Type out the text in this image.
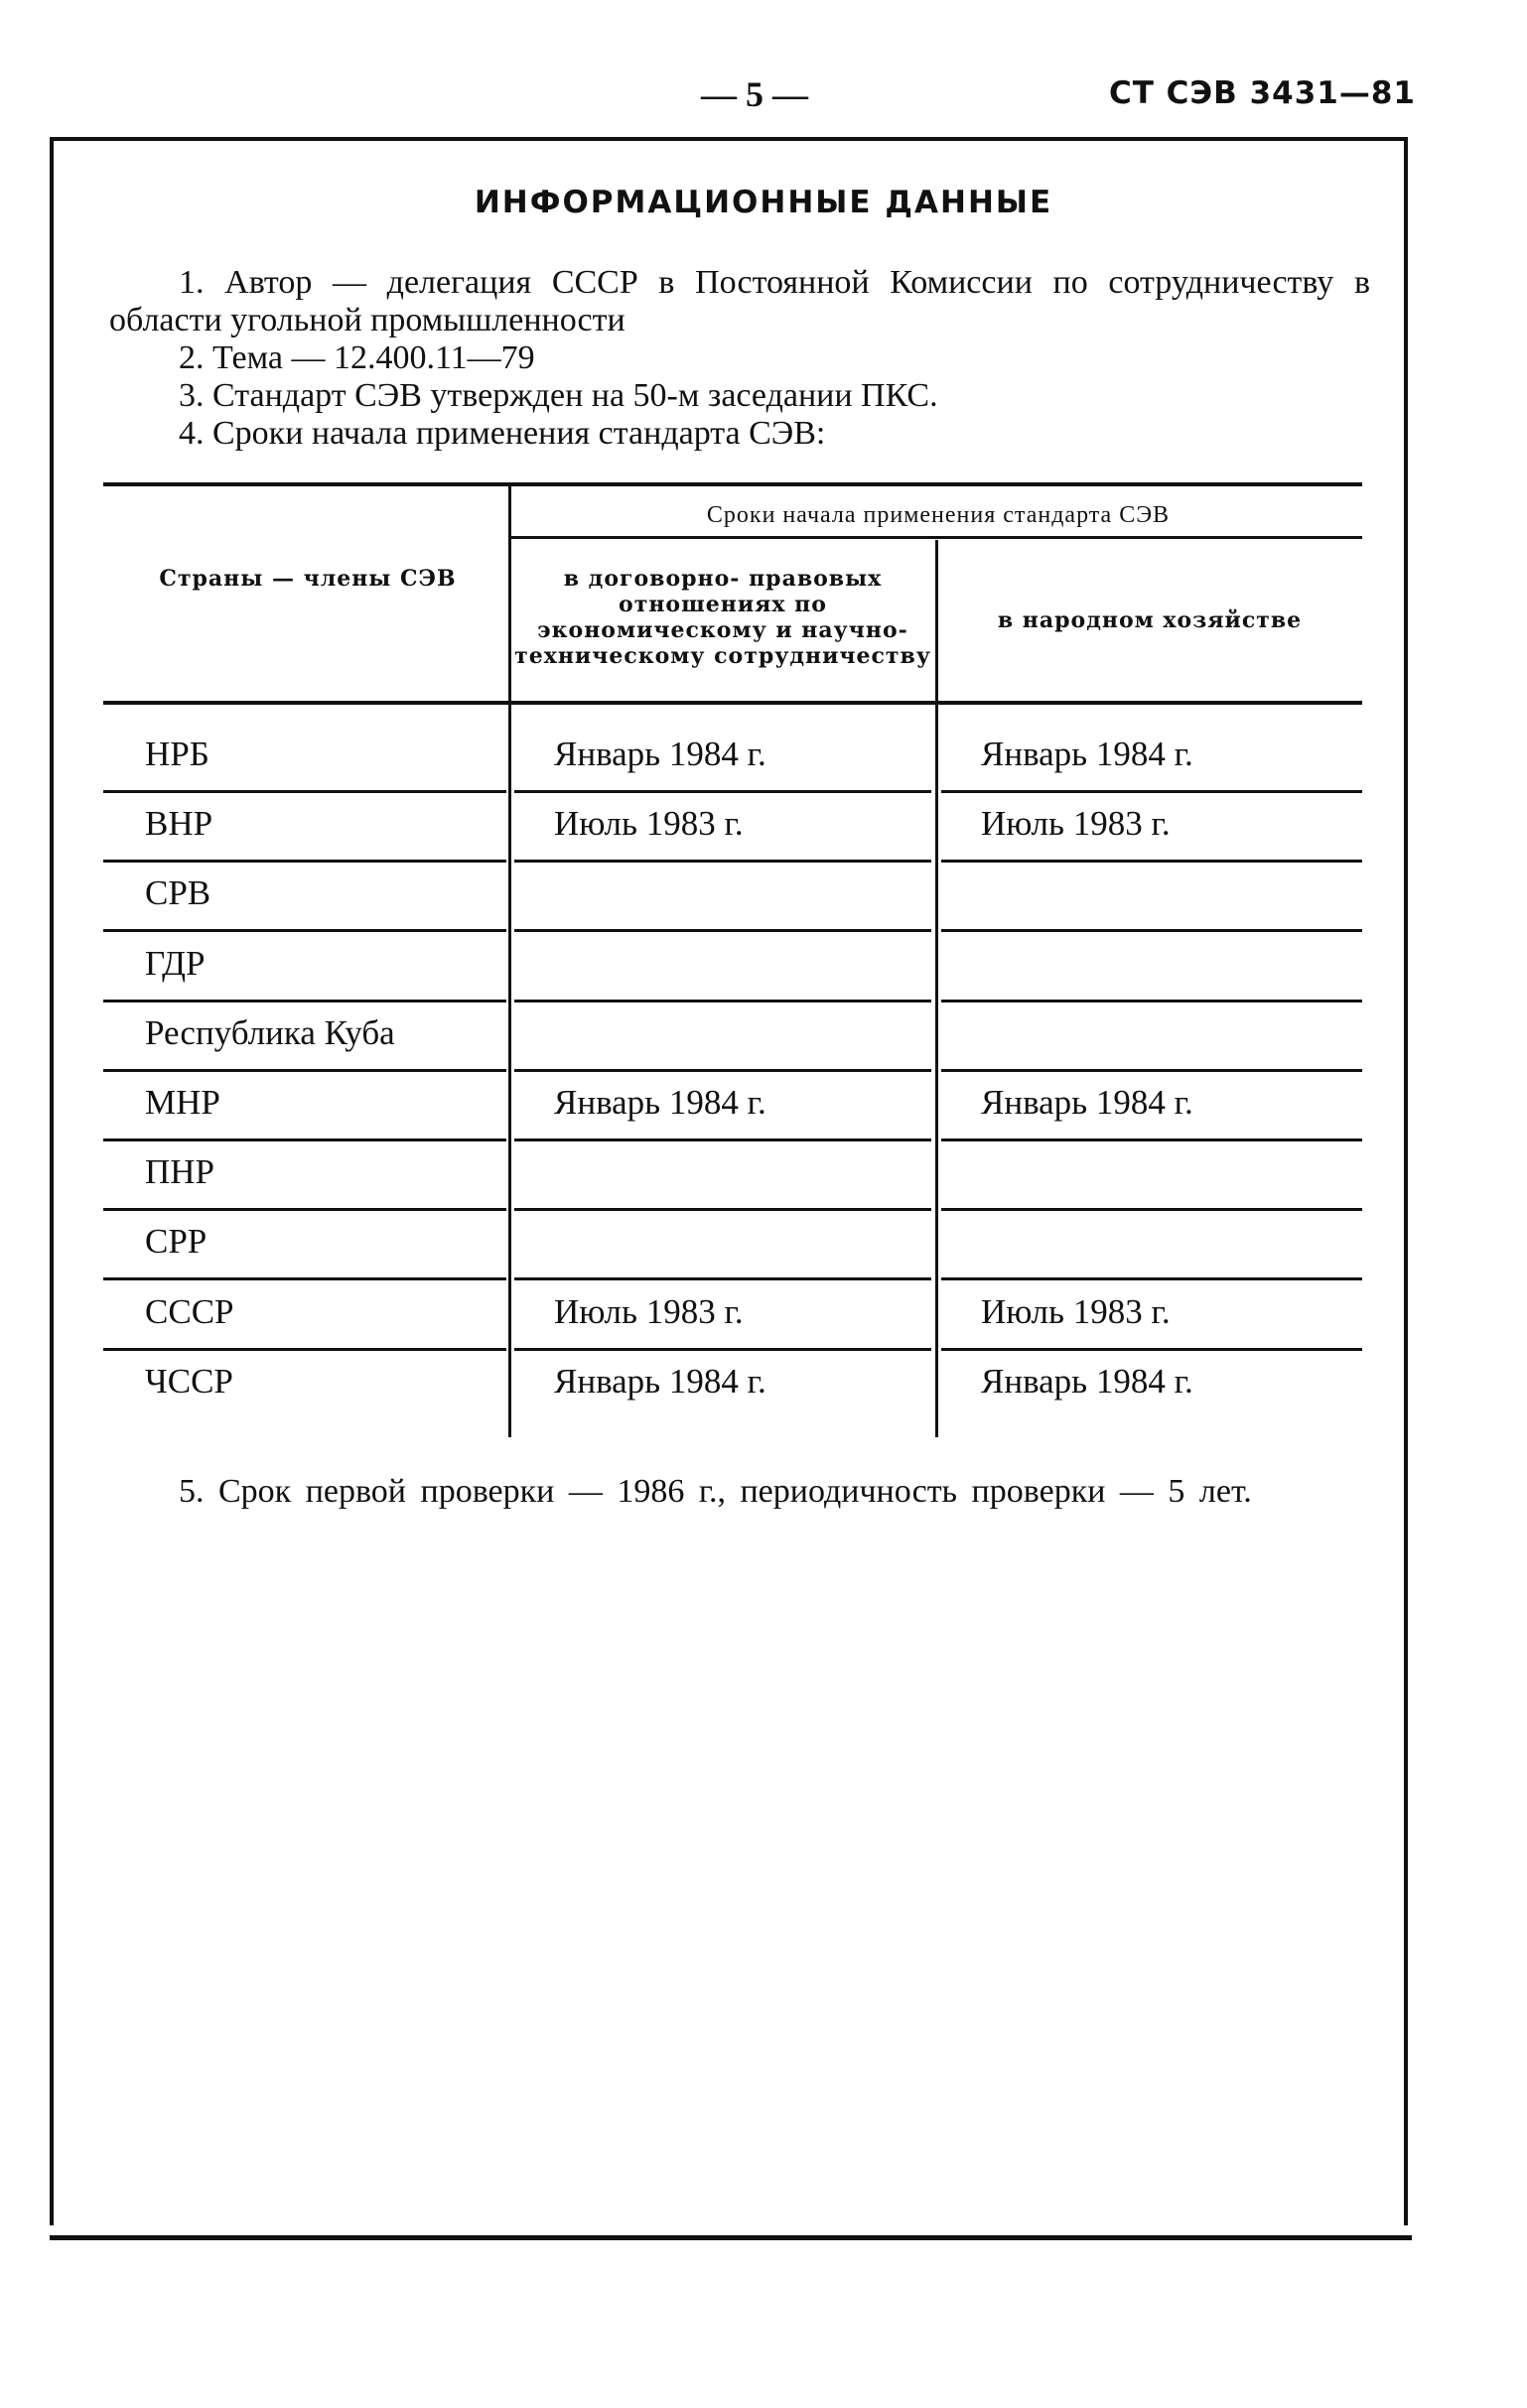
— 5 —	СТ СЭВ 3431—81
ИНФОРМАЦИОННЫЕ ДАННЫЕ
1. Автор — делегация СССР в Постоянной Комиссии по сотрудничеству в области угольной промышленности
2. Тема — 12.400.11—79
3. Стандарт СЭВ утвержден на 50-м заседании ПКС.
4. Сроки начала применения стандарта СЭВ:
Страны — члены СЭВ
Сроки начала применения стандарта СЭВ
в договорно- правовых отношениях по экономическому и научно-техническому сотрудничеству
в народном хозяйстве
НРБ	Январь 1984 г.	Январь 1984 г.
ВНР	Июль 1983 г.	Июль 1983 г.
СРВ
ГДР
Республика Куба
МНР	Январь 1984 г.	Январь 1984 г.
ПНР
СРР
СССР	Июль 1983 г.	Июль 1983 г.
ЧССР	Январь 1984 г.	Январь 1984 г.
5. Срок первой проверки — 1986 г., периодичность проверки — 5 лет.
